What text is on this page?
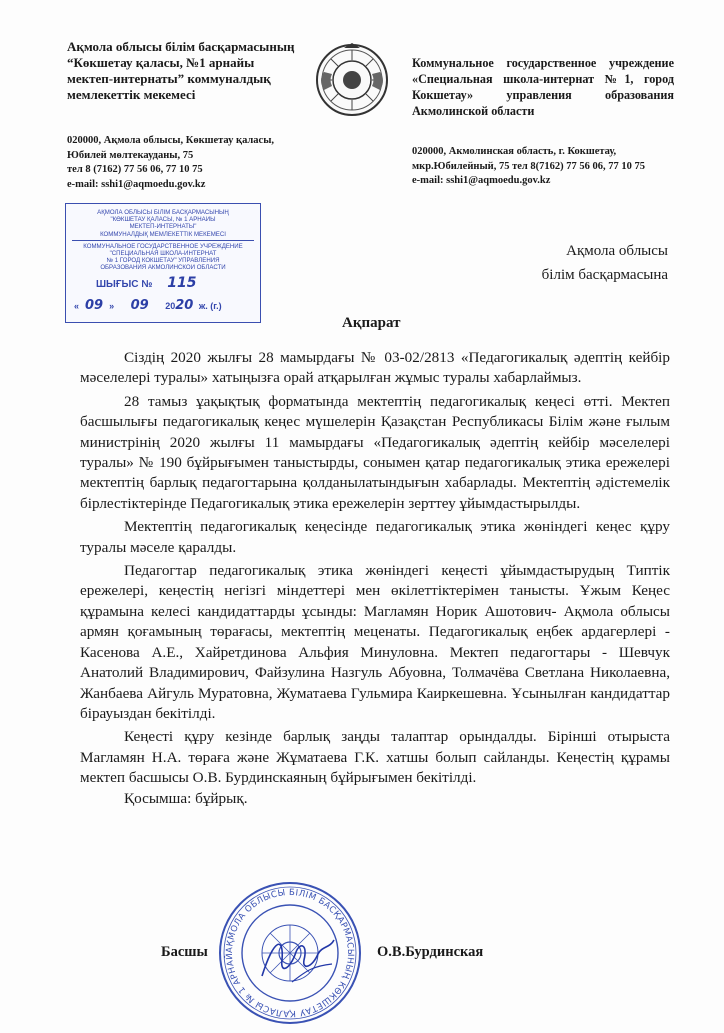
Ақмола облысы білім басқармасының
“Көкшетау қаласы, №1 арнайы
мектеп-интернаты” коммуналдық
мемлекеттік мекемесі
020000, Ақмола облысы, Көкшетау қаласы,
Юбилей мөлтекауданы, 75
тел 8 (7162) 77 56 06, 77 10 75
e-mail: sshi1@aqmoedu.gov.kz
Коммунальное государственное учреждение
«Специальная школа-интернат №1, город
Кокшетау» управления образования
Акмолинской области
020000, Акмолинская область, г. Кокшетау,
мкр.Юбилейный, 75 тел 8(7162) 77 56 06, 77 10 75
e-mail: sshi1@aqmoedu.gov.kz
АҚМОЛА ОБЛЫСЫ БІЛІМ БАСҚАРМАСЫНЫҢ
"КӨКШЕТАУ ҚАЛАСЫ, № 1 АРНАЙЫ
МЕКТЕП-ИНТЕРНАТЫ"
КОММУНАЛДЫҚ МЕМЛЕКЕТТІК МЕКЕМЕСІ
КОММУНАЛЬНОЕ ГОСУДАРСТВЕННОЕ УЧРЕЖДЕНИЕ
"СПЕЦИАЛЬНАЯ ШКОЛА-ИНТЕРНАТ
№ 1 ГОРОД КОКШЕТАУ" УПРАВЛЕНИЯ
ОБРАЗОВАНИЯ АКМОЛИНСКОЙ ОБЛАСТИ
ШЫҒЫС № 115
« 09 » 09 2020 ж. (г.)
Ақмола облысы
білім басқармасына
Ақпарат

Сіздің 2020 жылғы 28 мамырдағы № 03-02/2813 «Педагогикалық әдептің кейбір мәселелері туралы» хатыңызға орай атқарылған жұмыс туралы хабарлаймыз.

28 тамыз ұақықтық форматында мектептің педагогикалық кеңесі өтті. Мектеп басшылығы педагогикалық кеңес мүшелерін Қазақстан Республикасы Білім және ғылым министрінің 2020 жылғы 11 мамырдағы «Педагогикалық әдептің кейбір мәселелері туралы» № 190 бұйрығымен таныстырды, сонымен қатар педагогикалық этика ережелері мектептің барлық педагогтарына қолданылатындығын хабарлады. Мектептің әдістемелік бірлестіктерінде Педагогикалық этика ережелерін зерттеу ұйымдастырылды.

Мектептің педагогикалық кеңесінде педагогикалық этика жөніндегі кеңес құру туралы мәселе қаралды.

Педагогтар педагогикалық этика жөніндегі кеңесті ұйымдастырудың Типтік ережелері, кеңестің негізгі міндеттері мен өкілеттіктерімен танысты. Ұжым Кеңес құрамына келесі кандидаттарды ұсынды: Магламян Норик Ашотович- Ақмола облысы армян қоғамының төрағасы, мектептің меценаты. Педагогикалық еңбек ардагерлері - Касенова А.Е., Хайретдинова Альфия Минуловна. Мектеп педагогтары - Шевчук Анатолий Владимирович, Файзулина Назгуль Абуовна, Толмачёва Светлана Николаевна, Жанбаева Айгуль Муратовна, Жуматаева Гульмира Каиркешевна. Ұсынылған кандидаттар бірауыздан бекітілді.

Кеңесті құру кезінде барлық заңды талаптар орындалды. Бірінші отырыста Магламян Н.А. төраға және Жұматаева Г.К. хатшы болып сайланды. Кеңестің құрамы мектеп басшысы О.В. Бурдинскаяның бұйрығымен бекітілді.

Қосымша: бұйрық.

АҚМОЛА ОБЛЫСЫ БІЛІМ БАСҚАРМАСЫНЫҢ КӨКШЕТАУ ҚАЛАСЫ № 1 АРНАЙ
Басшы	О.В.Бурдинская
